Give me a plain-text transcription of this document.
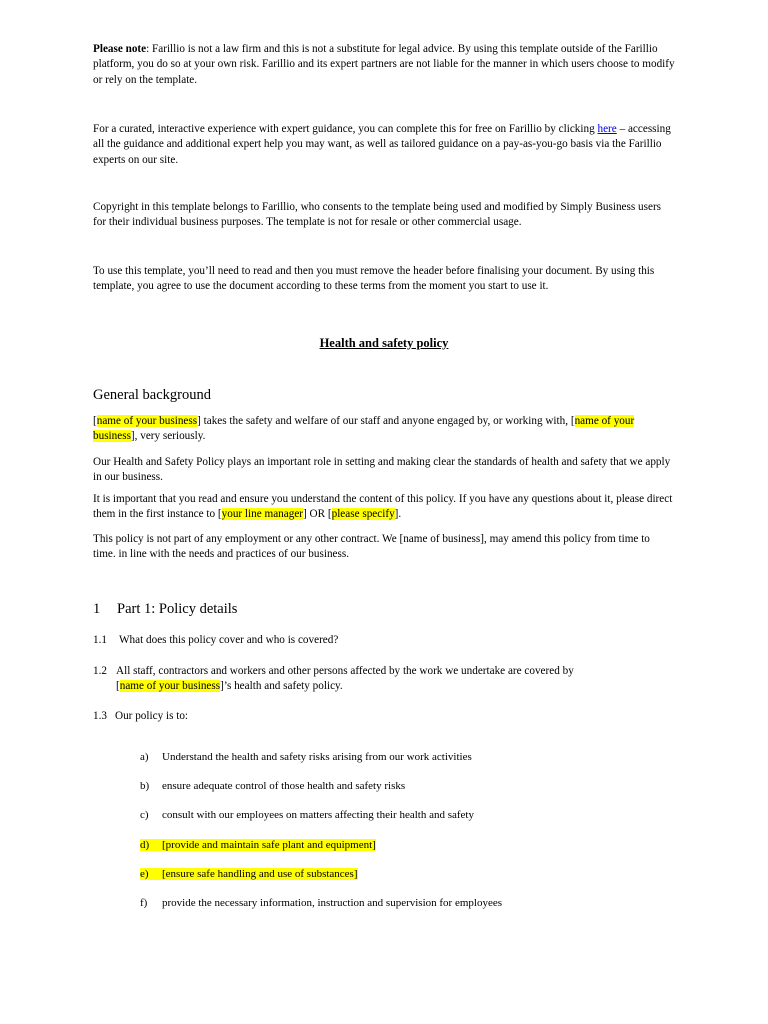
Please note: Farillio is not a law firm and this is not a substitute for legal advice. By using this template outside of the Farillio platform, you do so at your own risk. Farillio and its expert partners are not liable for the manner in which users choose to modify or rely on the template.

For a curated, interactive experience with expert guidance, you can complete this for free on Farillio by clicking here – accessing all the guidance and additional expert help you may want, as well as tailored guidance on a pay-as-you-go basis via the Farillio experts on our site.

Copyright in this template belongs to Farillio, who consents to the template being used and modified by Simply Business users for their individual business purposes. The template is not for resale or other commercial usage.

To use this template, you’ll need to read and then you must remove the header before finalising your document. By using this template, you agree to use the document according to these terms from the moment you start to use it.

Health and safety policy
General background

[name of your business] takes the safety and welfare of our staff and anyone engaged by, or working with, [name of your business], very seriously.

Our Health and Safety Policy plays an important role in setting and making clear the standards of health and safety that we apply in our business.

It is important that you read and ensure you understand the content of this policy. If you have any questions about it, please direct them in the first instance to [your line manager] OR [please specify].

This policy is not part of any employment or any other contract. We [name of business], may amend this policy from time to time. in line with the needs and practices of our business.

1 Part 1: Policy details

1.1 What does this policy cover and who is covered?

1.2 All staff, contractors and workers and other persons affected by the work we undertake are covered by

[name of your business]’s health and safety policy.

1.3 Our policy is to:

a) Understand the health and safety risks arising from our work activities
b) ensure adequate control of those health and safety risks
c) consult with our employees on matters affecting their health and safety
d) [provide and maintain safe plant and equipment]
e) [ensure safe handling and use of substances]
f) provide the necessary information, instruction and supervision for employees
